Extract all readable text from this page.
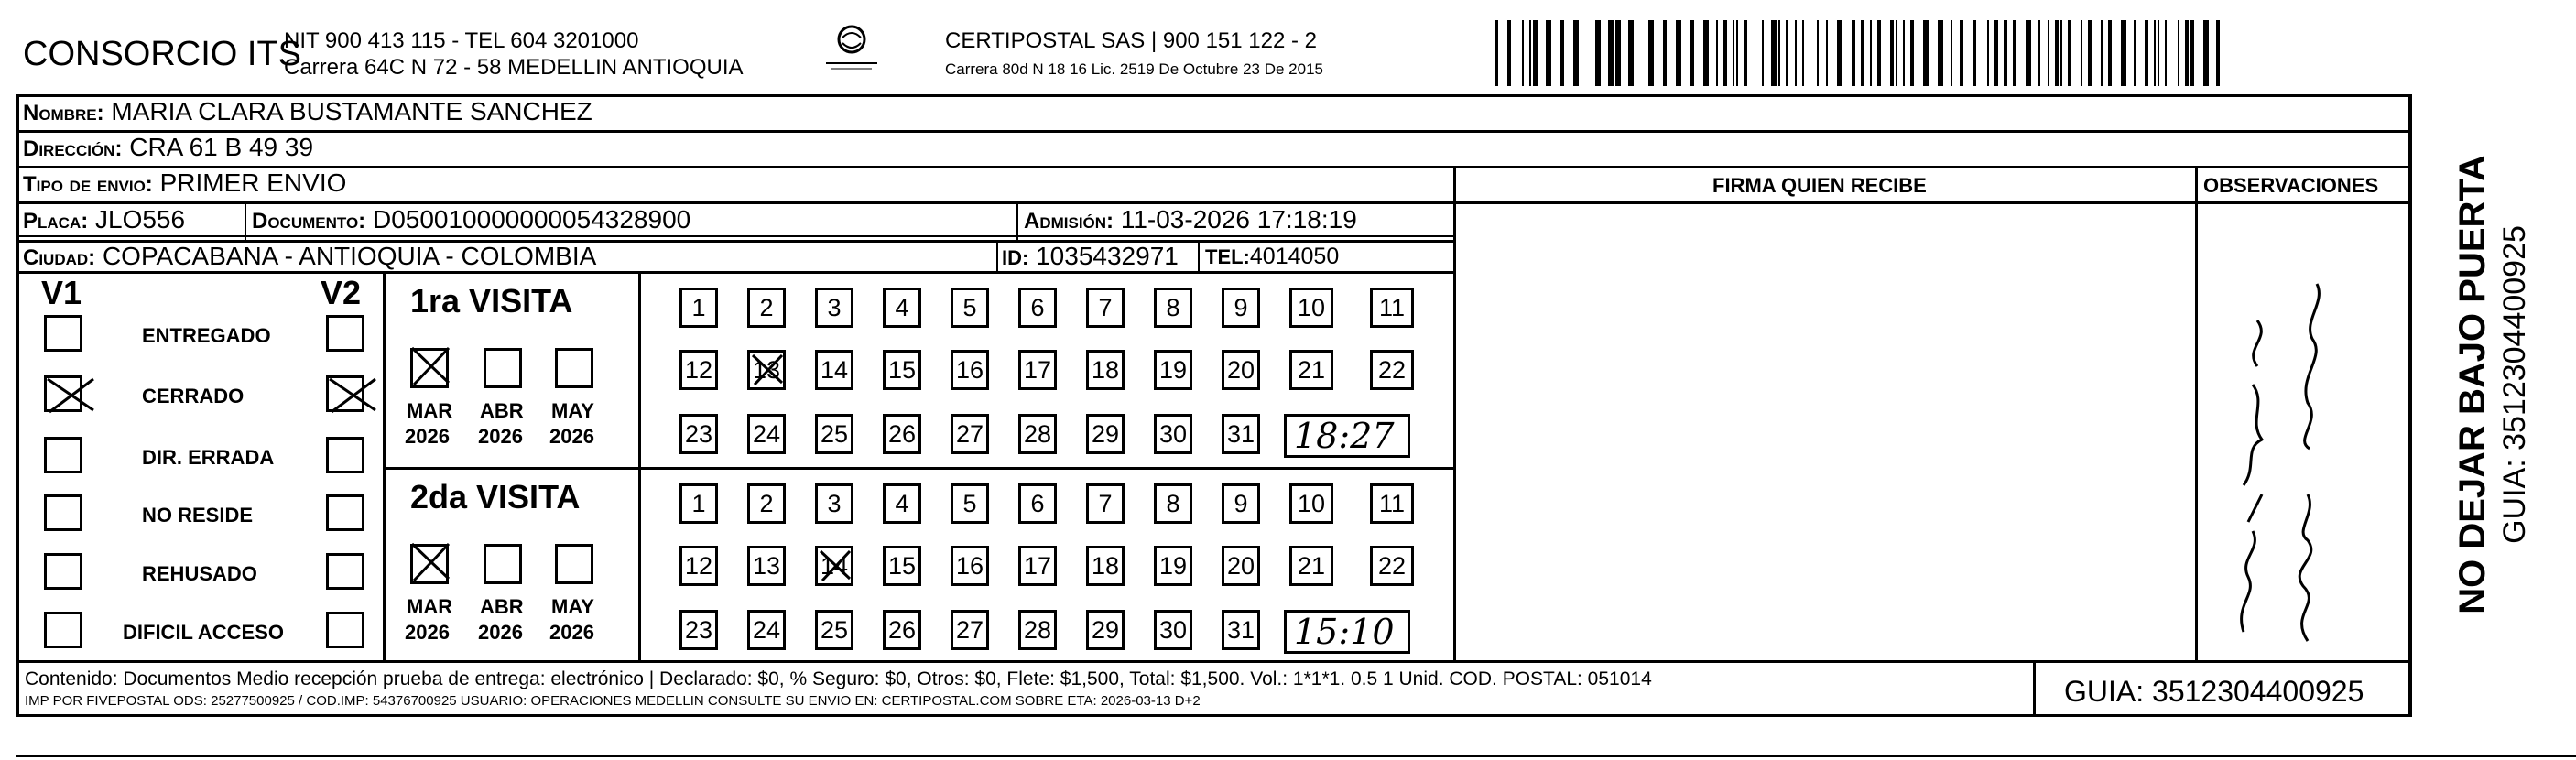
CONSORCIO ITS
NIT 900 413 115 - TEL 604 3201000
Carrera 64C N 72 - 58 MEDELLIN ANTIOQUIA
CERTIPOSTAL SAS | 900 151 122 - 2
Carrera 80d N 18 16 Lic. 2519 De Octubre 23 De 2015
Nombre: MARIA CLARA BUSTAMANTE SANCHEZ
Dirección: CRA 61 B 49 39
Tipo de envio: PRIMER ENVIO	FIRMA QUIEN RECIBE	OBSERVACIONES
Placa: JLO556	Documento: D050010000000054328900	Admisión: 11-03-2026 17:18:19
Ciudad: COPACABANA - ANTIOQUIA - COLOMBIA	ID: 1035432971 TEL:4014050
V1	V2
Contenido: Documentos Medio recepción prueba de entrega: electrónico | Declarado: $0, % Seguro: $0, Otros: $0, Flete: $1,500, Total: $1,500. Vol.: 1*1*1. 0.5 1 Unid. COD. POSTAL: 051014
IMP POR FIVEPOSTAL ODS: 25277500925 / COD.IMP: 54376700925 USUARIO: OPERACIONES MEDELLIN CONSULTE SU ENVIO EN: CERTIPOSTAL.COM SOBRE ETA: 2026-03-13 D+2	GUIA: 3512304400925
NO DEJAR BAJO PUERTA GUIA: 3512304400925
ENTREGADO
CERRADO
DIR. ERRADA
NO RESIDE
REHUSADO
DIFICIL ACCESO
1ra VISITA
MAR
2026
ABR
2026
MAY
2026
1	2	3	4	5	6	7	8	9	10	11
12 13 14 15 16 17 18 19 20	21	22
23 24 25 26 27 28 29 30 31 18:27
2da VISITA
MAR
2026
ABR
2026
MAY
2026
1	2	3	4	5	6	7	8	9	10	11
12 13 14 15 16 17 18 19 20	21	22
23 24 25 26 27 28 29 30 31 15:10
